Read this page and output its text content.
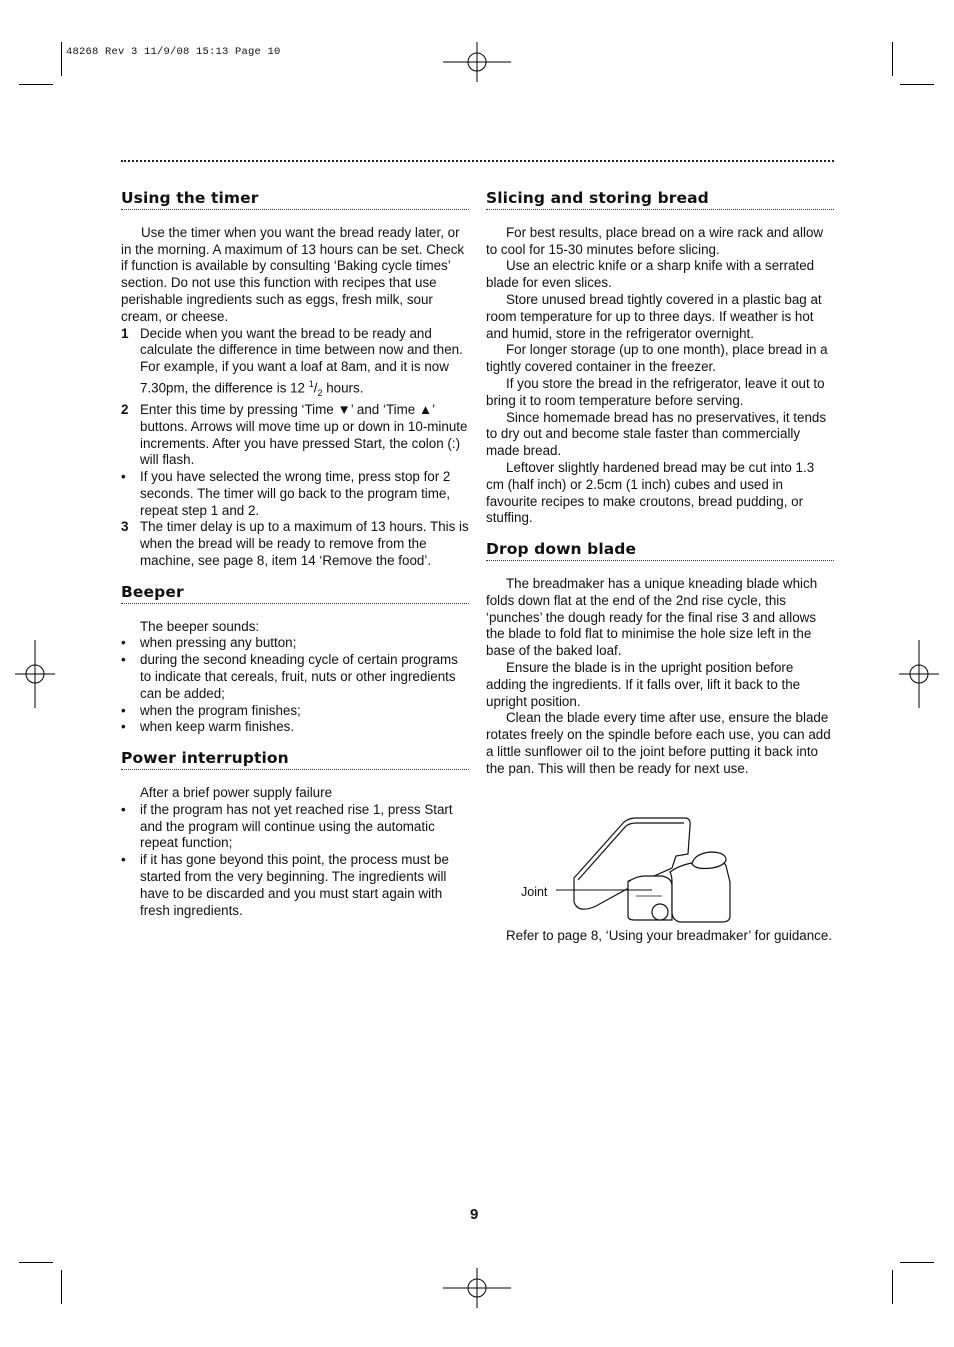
48268 Rev 3 11/9/08 15:13 Page 10
Using the timer

Use the timer when you want the bread ready later, or in the morning. A maximum of 13 hours can be set. Check if function is available by consulting ‘Baking cycle times’ section. Do not use this function with recipes that use perishable ingredients such as eggs, fresh milk, sour cream, or cheese.

1 Decide when you want the bread to be ready and calculate the difference in time between now and then. For example, if you want a loaf at 8am, and it is now 7.30pm, the difference is 12 $^1/_2$ hours.
2 Enter this time by pressing ‘Time ▼’ and ‘Time ▲’ buttons. Arrows will move time up or down in 10-minute increments. After you have pressed Start, the colon (:) will flash.
•	If you have selected the wrong time, press stop for 2 seconds. The timer will go back to the program time, repeat step 1 and 2.
3 The timer delay is up to a maximum of 13 hours. This is when the bread will be ready to remove from the machine, see page 8, item 14 ‘Remove the food’.
Beeper
The beeper sounds:
•	when pressing any button;
•	during the second kneading cycle of certain programs to indicate that cereals, fruit, nuts or other ingredients can be added;
•	when the program finishes;
•	when keep warm finishes.
Power interruption
After a brief power supply failure
•	if the program has not yet reached rise 1, press Start and the program will continue using the automatic repeat function;
•	if it has gone beyond this point, the process must be started from the very beginning. The ingredients will have to be discarded and you must start again with fresh ingredients.
Slicing and storing bread

For best results, place bread on a wire rack and allow to cool for 15-30 minutes before slicing.

Use an electric knife or a sharp knife with a serrated blade for even slices.

Store unused bread tightly covered in a plastic bag at room temperature for up to three days. If weather is hot and humid, store in the refrigerator overnight.

For longer storage (up to one month), place bread in a tightly covered container in the freezer.

If you store the bread in the refrigerator, leave it out to bring it to room temperature before serving.

Since homemade bread has no preservatives, it tends to dry out and become stale faster than commercially made bread.

Leftover slightly hardened bread may be cut into 1.3 cm (half inch) or 2.5cm (1 inch) cubes and used in favourite recipes to make croutons, bread pudding, or stuffing.

Drop down blade

The breadmaker has a unique kneading blade which folds down flat at the end of the 2nd rise cycle, this ‘punches’ the dough ready for the final rise 3 and allows the blade to fold flat to minimise the hole size left in the base of the baked loaf.

Ensure the blade is in the upright position before adding the ingredients. If it falls over, lift it back to the upright position.

Clean the blade every time after use, ensure the blade rotates freely on the spindle before each use, you can add a little sunflower oil to the joint before putting it back into the pan. This will then be ready for next use.

Joint

Refer to page 8, ‘Using your breadmaker’ for guidance.

9
